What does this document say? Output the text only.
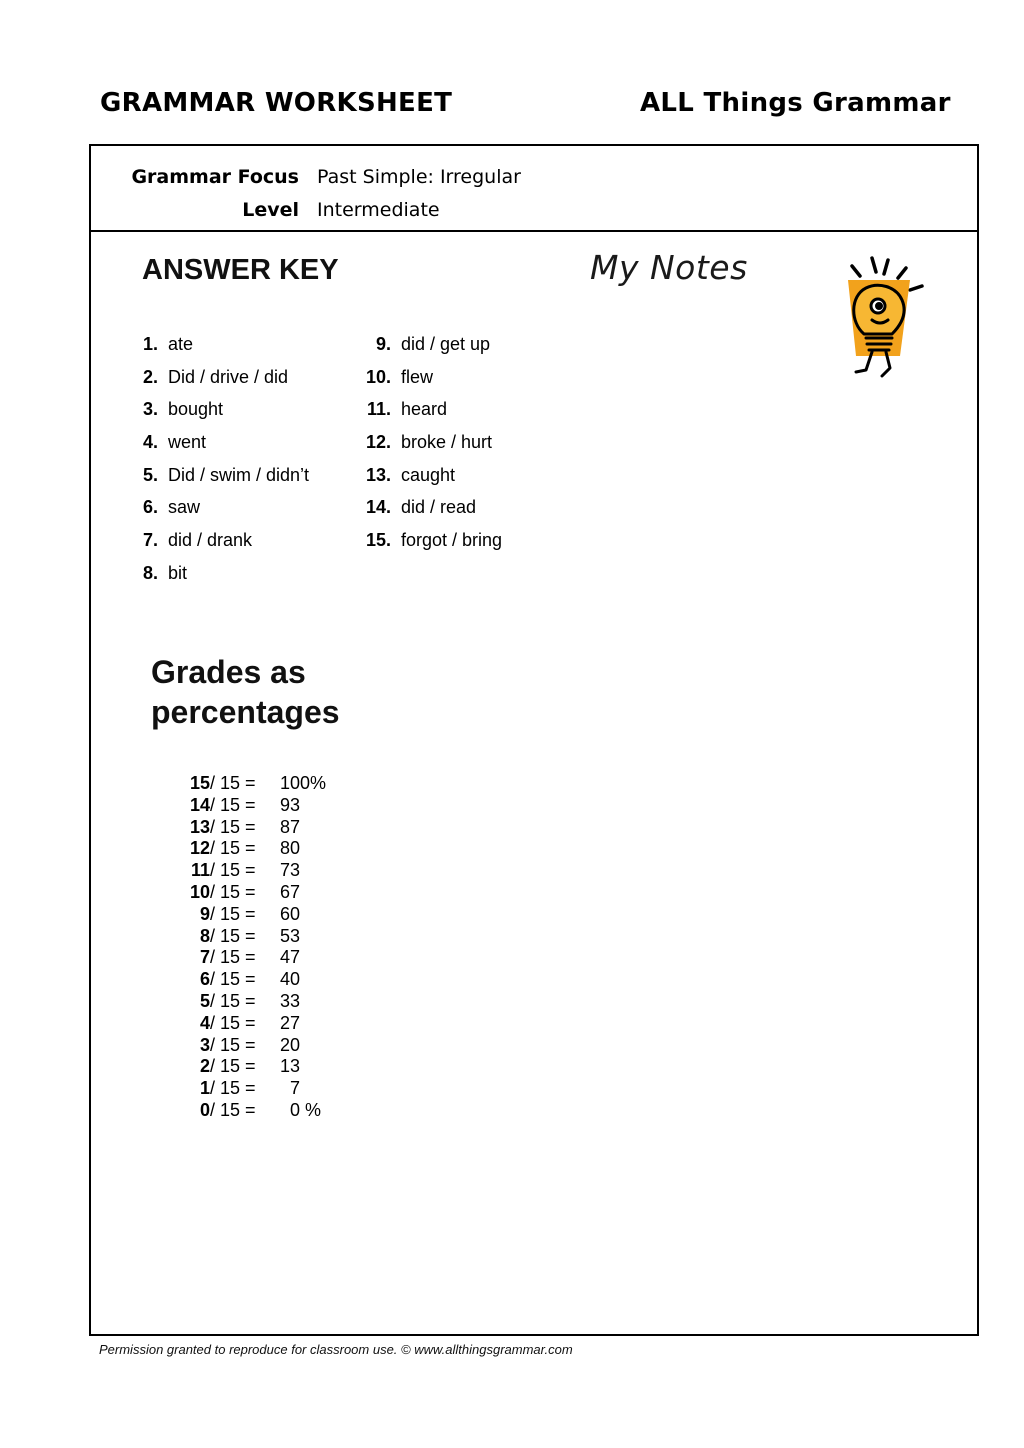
GRAMMAR WORKSHEET	ALL Things Grammar
Grammar Focus Past Simple: Irregular
Level Intermediate
ANSWER KEY	My Notes
1. ate
2. Did / drive / did
3. bought
4. went
5. Did / swim / didn’t
6. saw
7. did / drank
8. bit
9. did / get up
10. flew
11. heard
12. broke / hurt
13. caught
14. did / read
15. forgot / bring
Grades as percentages
15/ 15 = 100%
14/ 15 = 93
13/ 15 = 87
12/ 15 = 80
11/ 15 = 73
10/ 15 = 67
9/ 15 = 60
8/ 15 = 53
7/ 15 = 47
6/ 15 = 40
5/ 15 = 33
4/ 15 = 27
3/ 15 = 20
2/ 15 = 13
1/ 15 =  7
0/ 15 =  0 %
Permission granted to reproduce for classroom use. © www.allthingsgrammar.com
